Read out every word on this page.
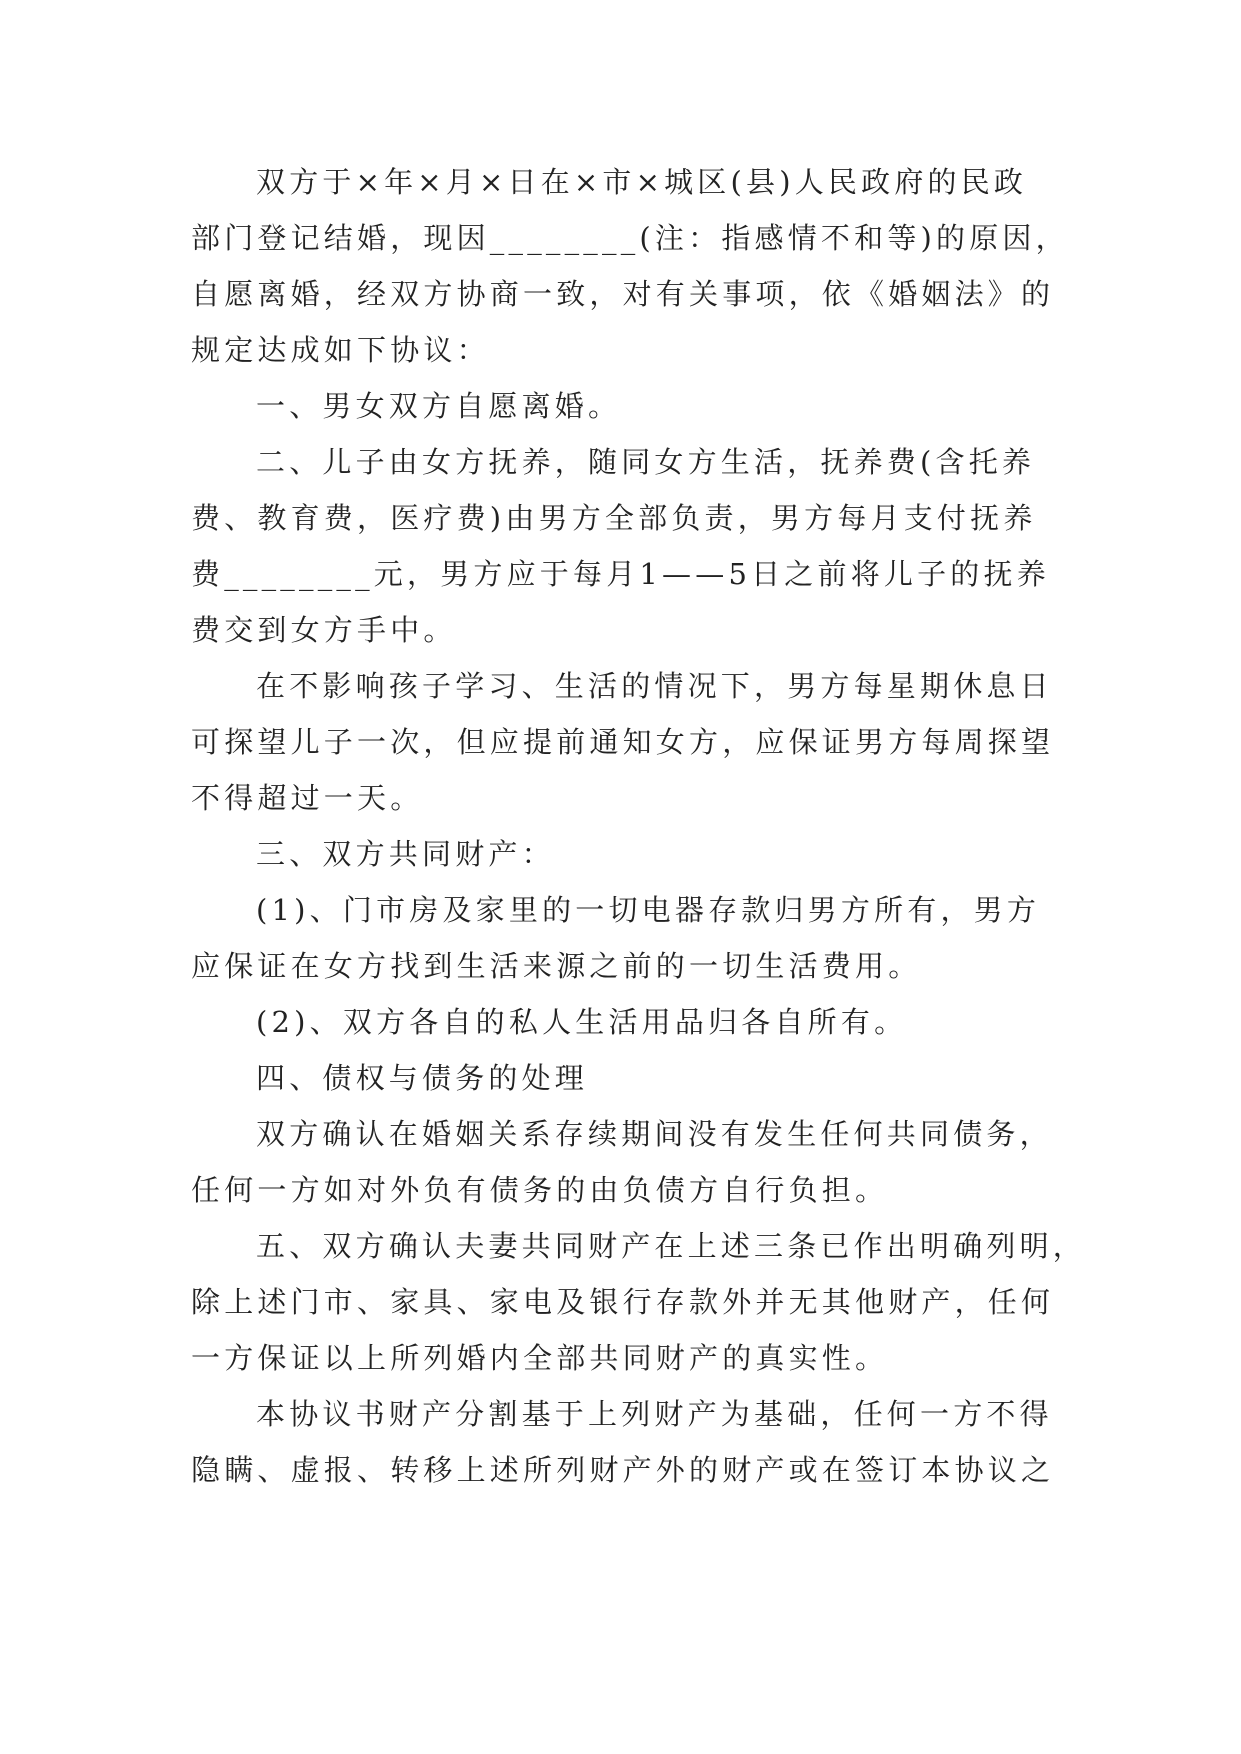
双方于×年×月×日在×市×城区(县)人民政府的民政
部门登记结婚，现因________(注：指感情不和等)的原因，
自愿离婚，经双方协商一致，对有关事项，依《婚姻法》的
规定达成如下协议：
一、男女双方自愿离婚。
二、儿子由女方抚养，随同女方生活，抚养费(含托养
费、教育费，医疗费)由男方全部负责，男方每月支付抚养
费________元，男方应于每月1——5日之前将儿子的抚养
费交到女方手中。
在不影响孩子学习、生活的情况下，男方每星期休息日
可探望儿子一次，但应提前通知女方，应保证男方每周探望
不得超过一天。
三、双方共同财产：
(1)、门市房及家里的一切电器存款归男方所有，男方
应保证在女方找到生活来源之前的一切生活费用。
(2)、双方各自的私人生活用品归各自所有。
四、债权与债务的处理
双方确认在婚姻关系存续期间没有发生任何共同债务，
任何一方如对外负有债务的由负债方自行负担。
五、双方确认夫妻共同财产在上述三条已作出明确列明，
除上述门市、家具、家电及银行存款外并无其他财产，任何
一方保证以上所列婚内全部共同财产的真实性。
本协议书财产分割基于上列财产为基础，任何一方不得
隐瞒、虚报、转移上述所列财产外的财产或在签订本协议之
